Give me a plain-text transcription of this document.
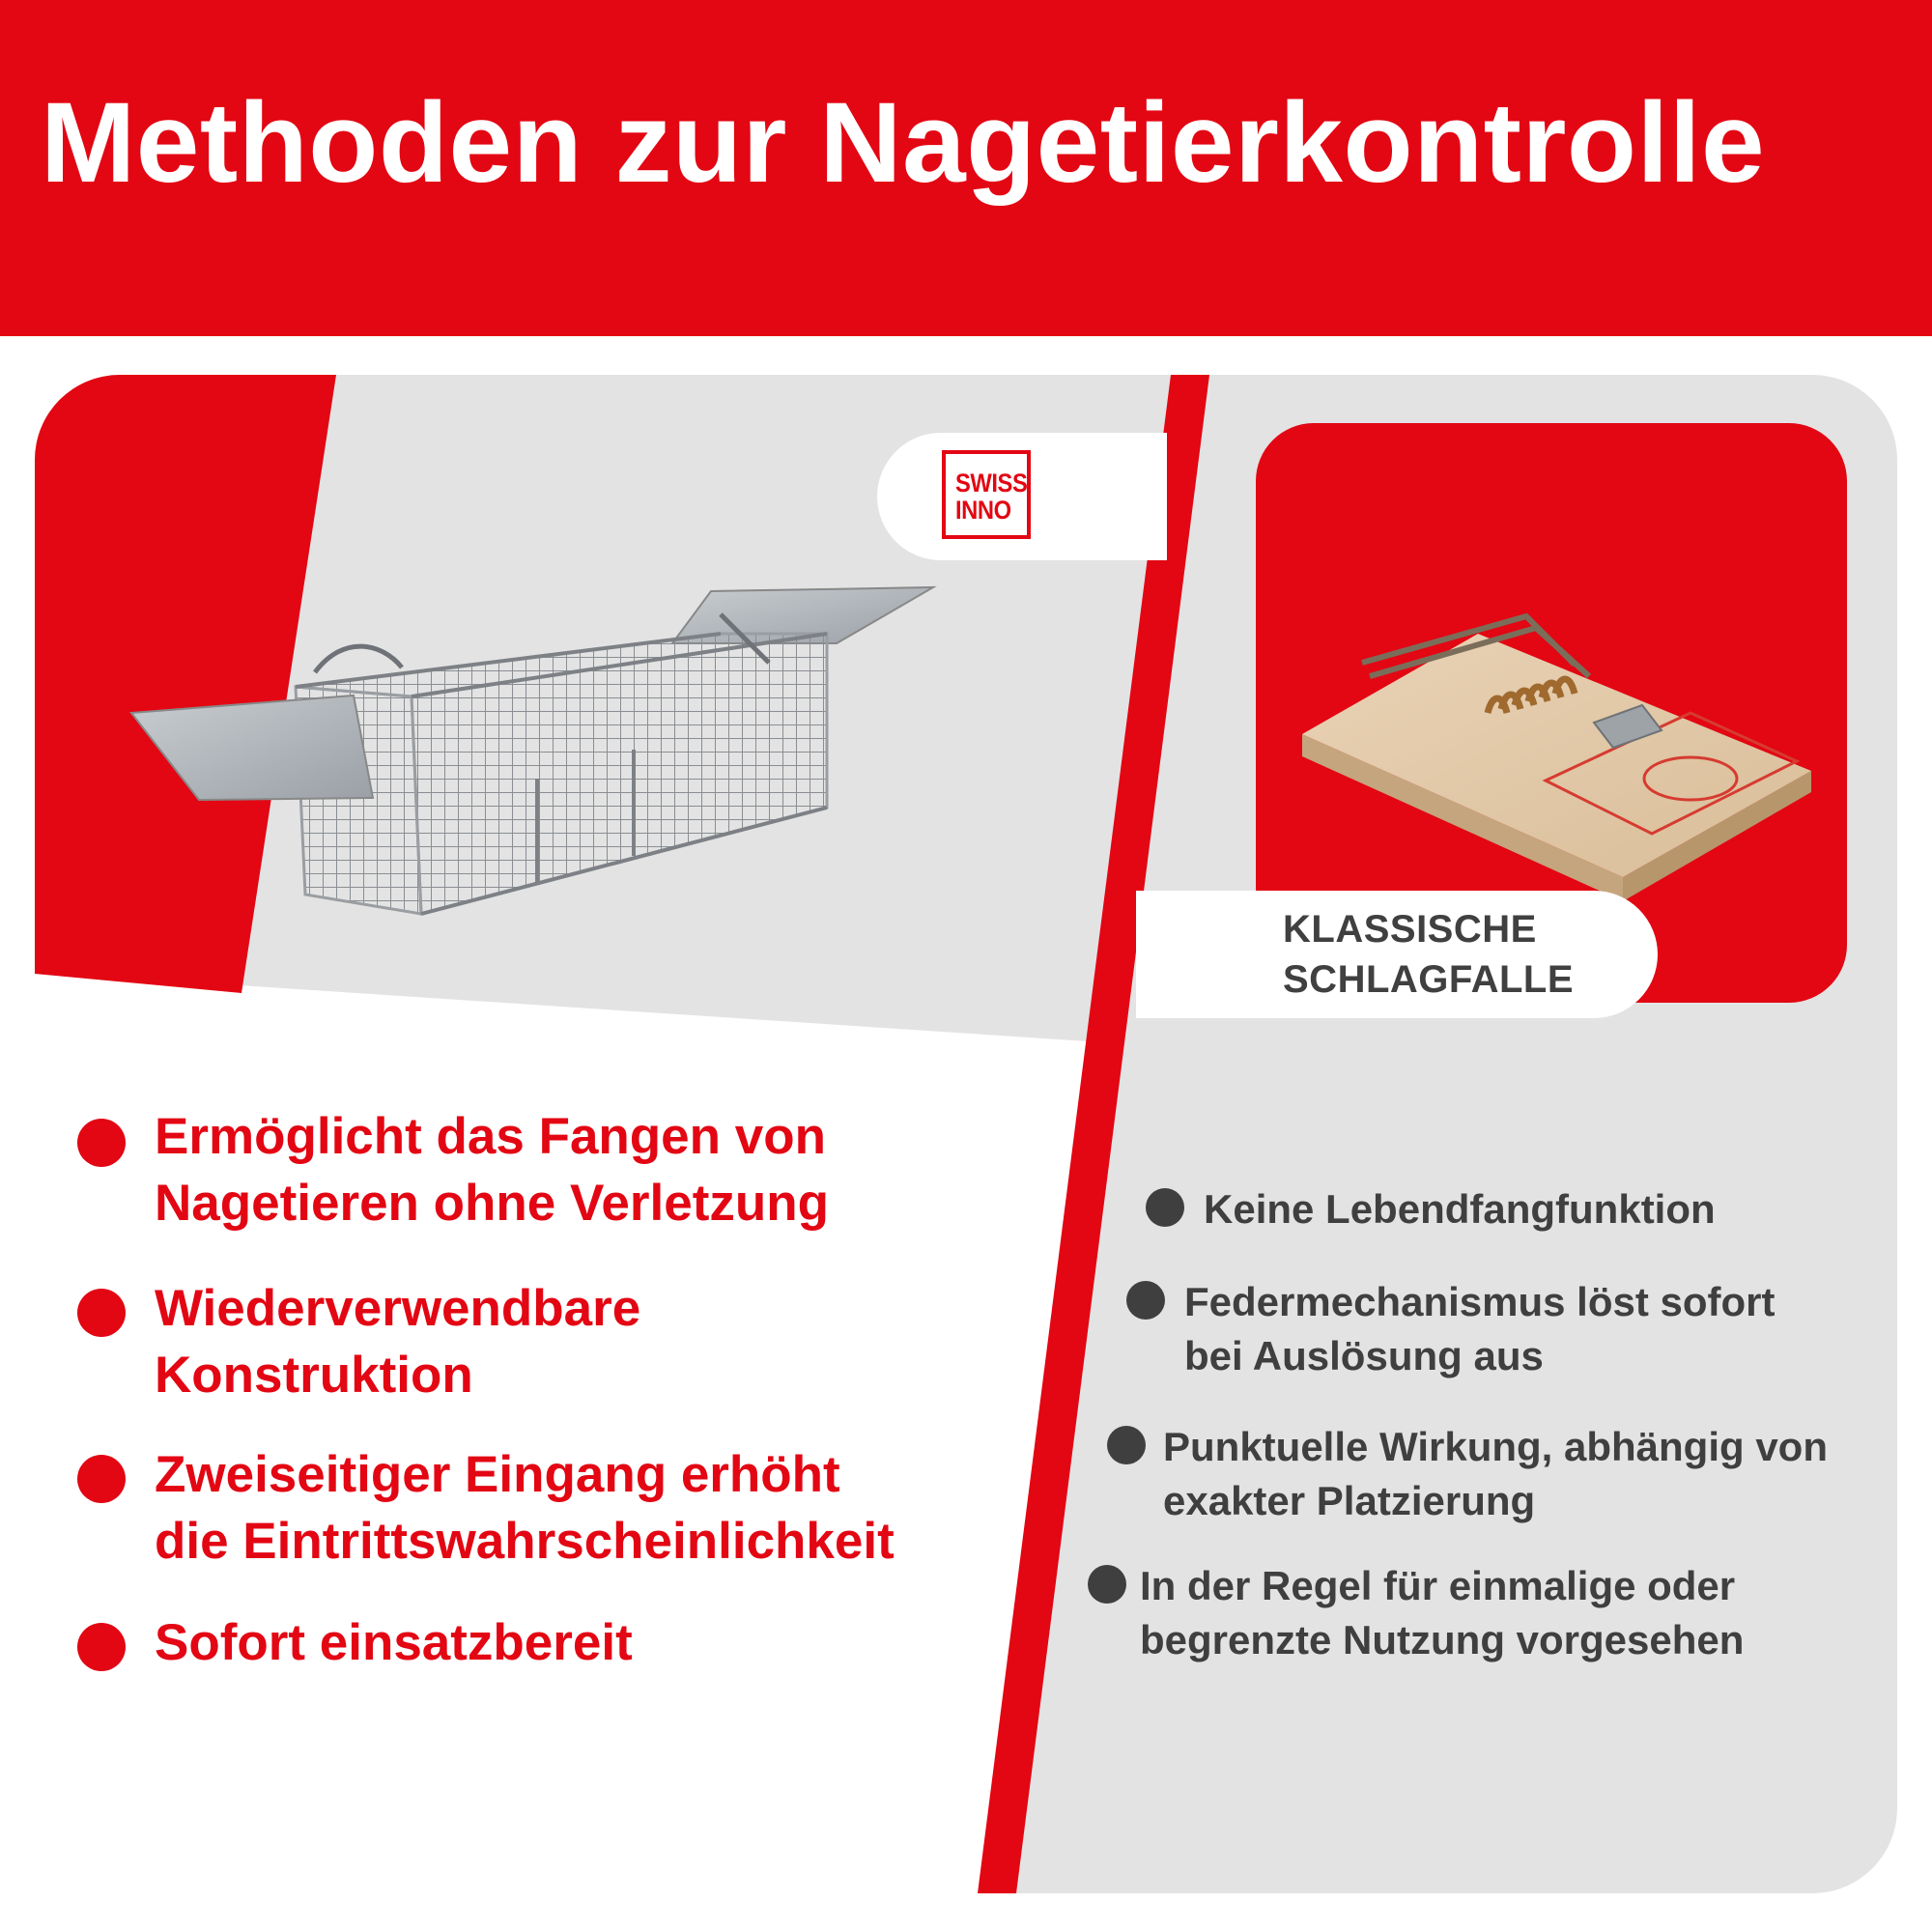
Methoden zur Nagetierkontrolle
SWISS
INNO
KLASSISCHE
SCHLAGFALLE
Ermöglicht das Fangen von
Nagetieren ohne Verletzung
Wiederverwendbare
Konstruktion
Zweiseitiger Eingang erhöht
die Eintrittswahrscheinlichkeit
Sofort einsatzbereit
Keine Lebendfangfunktion
Federmechanismus löst sofort
bei Auslösung aus
Punktuelle Wirkung, abhängig von
exakter Platzierung
In der Regel für einmalige oder
begrenzte Nutzung vorgesehen
